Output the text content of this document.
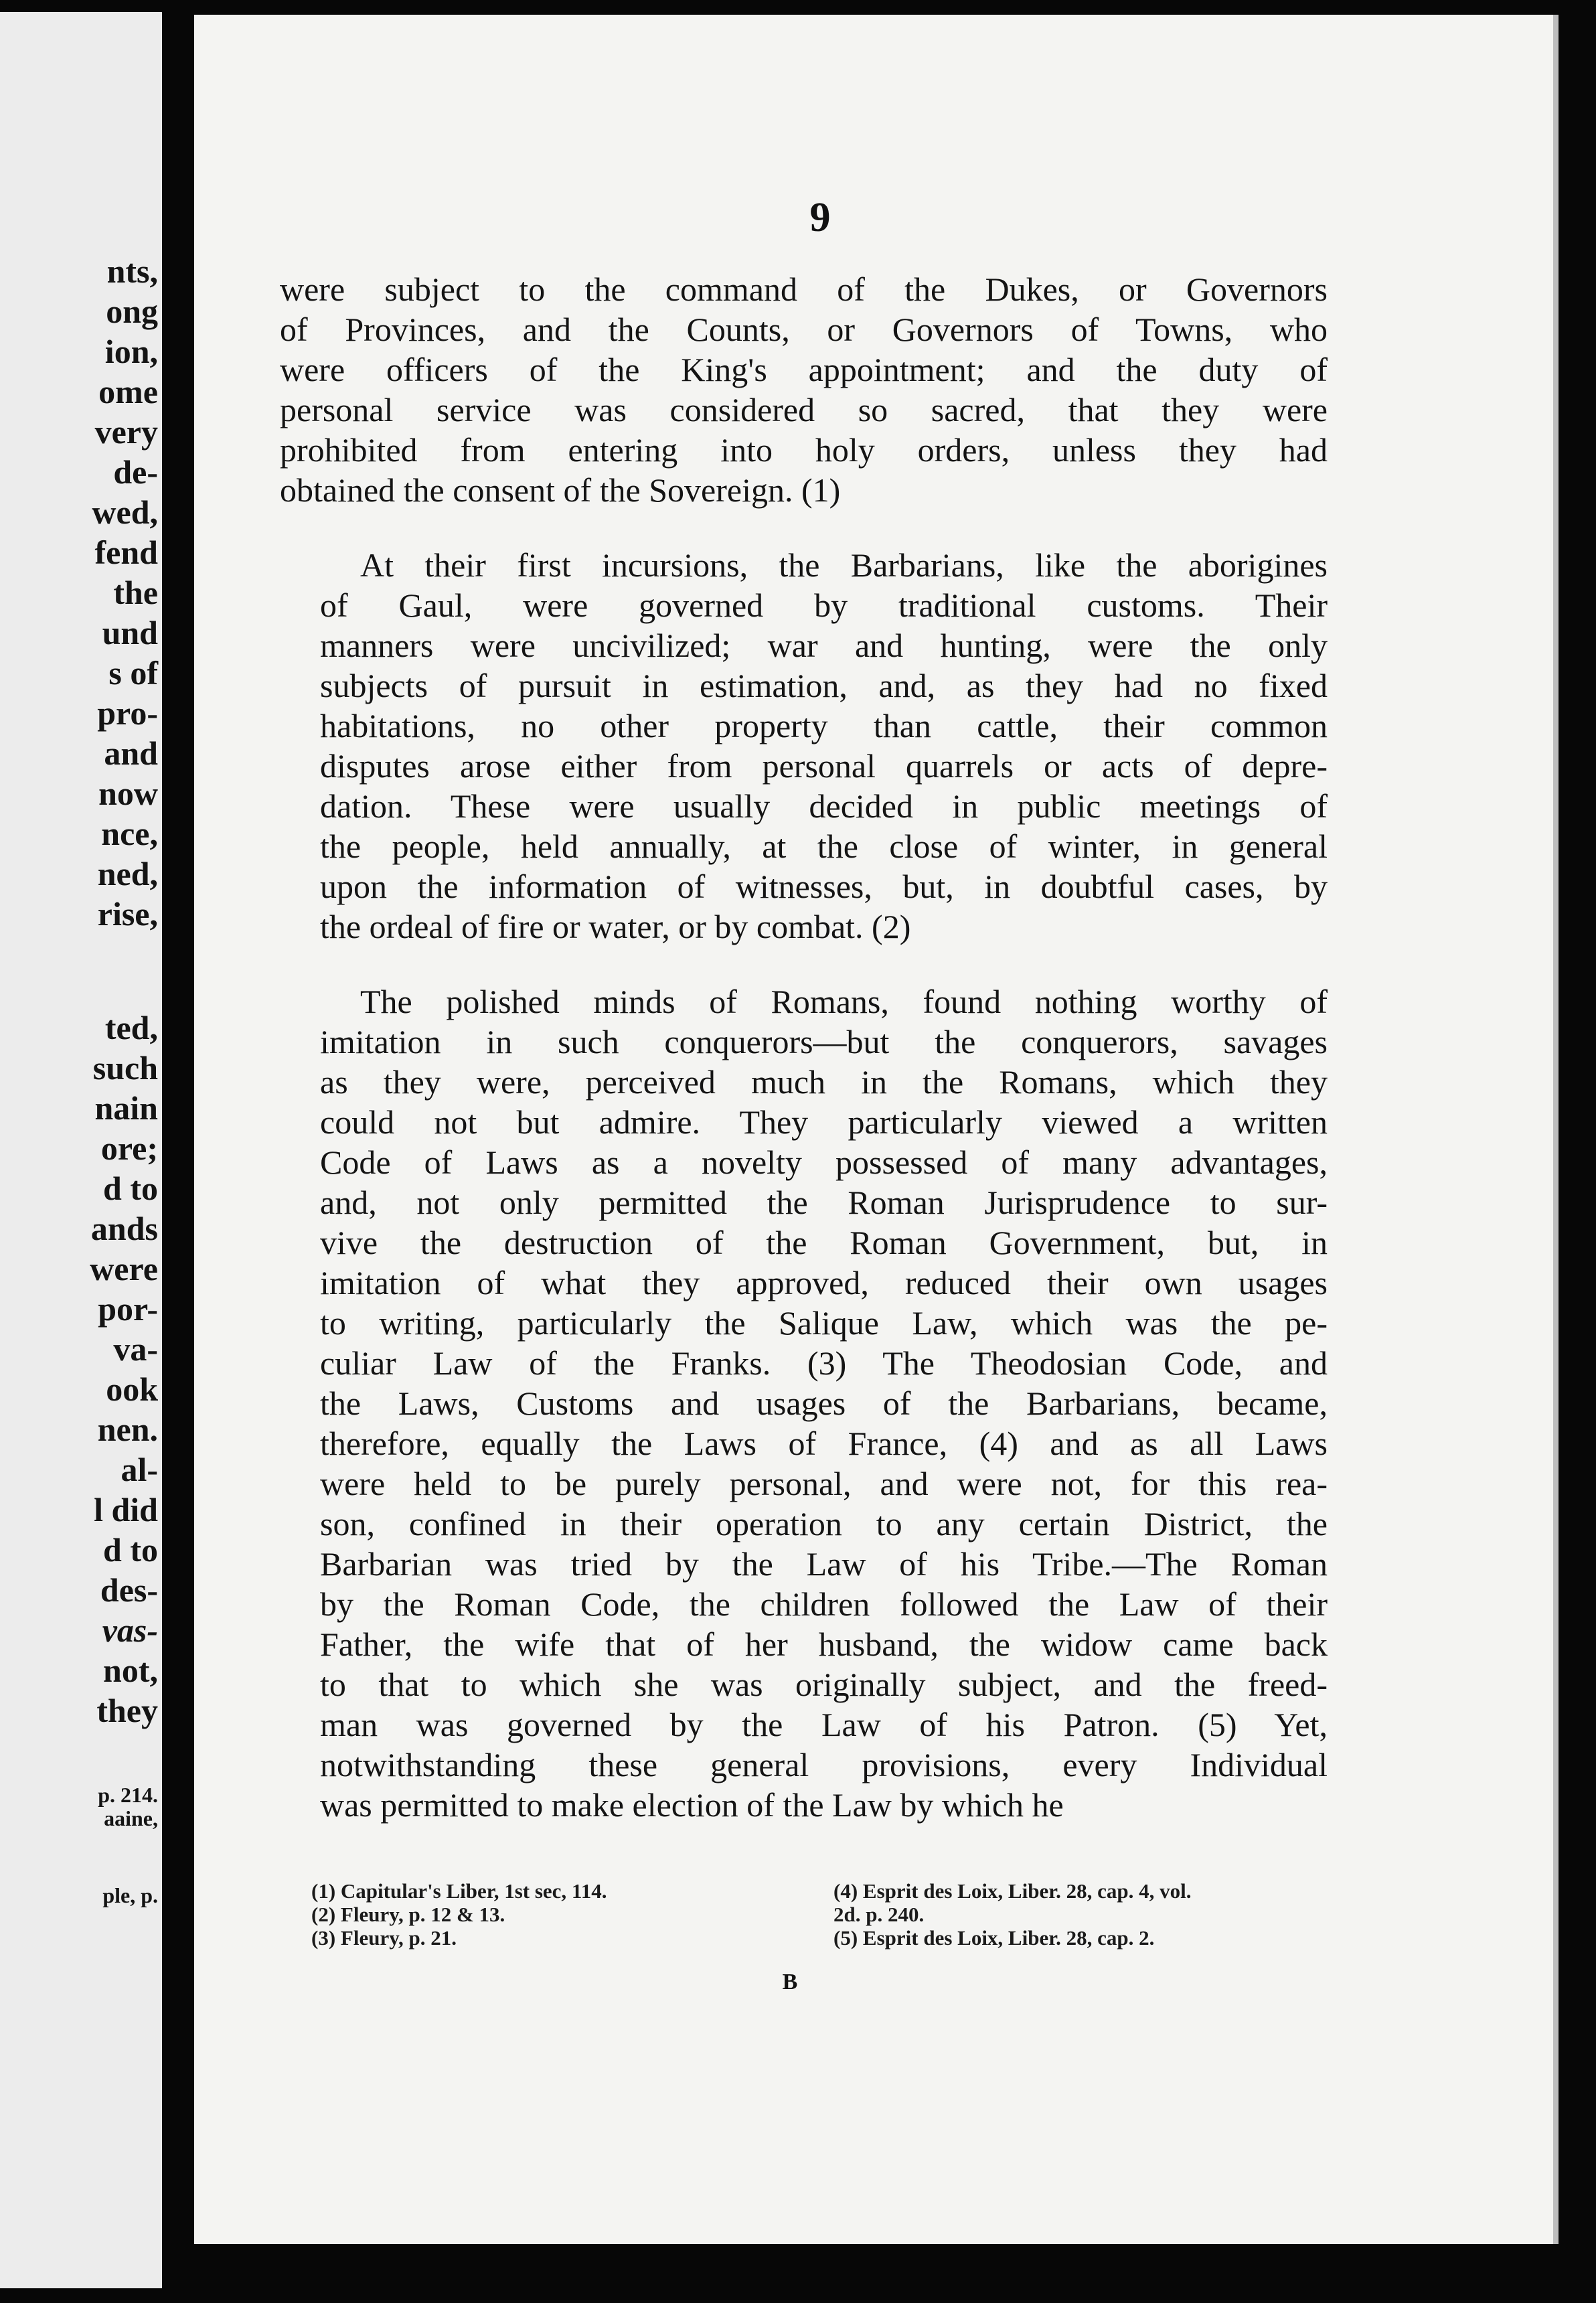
nts,
ong
ion,
ome
very
de-
wed,
fend
the
und
s of
pro-
and
now
nce,
ned,
rise,
ted,
such
nain
ore;
d to
ands
were
por-
va-
ook
nen.
al-
l did
d to
des-
vas-
not,
they
p. 214.
aaine,
ple, p.
9
were subject to the command of the Dukes, or Governors
of Provinces, and the Counts, or Governors of Towns, who
were officers of the King's appointment; and the duty of
personal service was considered so sacred, that they were
prohibited from entering into holy orders, unless they had
obtained the consent of the Sovereign. (1)
At their first incursions, the Barbarians, like the aborigines
of Gaul, were governed by traditional customs. Their
manners were uncivilized; war and hunting, were the only
subjects of pursuit in estimation, and, as they had no fixed
habitations, no other property than cattle, their common
disputes arose either from personal quarrels or acts of depre-
dation. These were usually decided in public meetings of
the people, held annually, at the close of winter, in general
upon the information of witnesses, but, in doubtful cases, by
the ordeal of fire or water, or by combat. (2)
The polished minds of Romans, found nothing worthy of
imitation in such conquerors—but the conquerors, savages
as they were, perceived much in the Romans, which they
could not but admire. They particularly viewed a written
Code of Laws as a novelty possessed of many advantages,
and, not only permitted the Roman Jurisprudence to sur-
vive the destruction of the Roman Government, but, in
imitation of what they approved, reduced their own usages
to writing, particularly the Salique Law, which was the pe-
culiar Law of the Franks. (3) The Theodosian Code, and
the Laws, Customs and usages of the Barbarians, became,
therefore, equally the Laws of France, (4) and as all Laws
were held to be purely personal, and were not, for this rea-
son, confined in their operation to any certain District, the
Barbarian was tried by the Law of his Tribe.—The Roman
by the Roman Code, the children followed the Law of their
Father, the wife that of her husband, the widow came back
to that to which she was originally subject, and the freed-
man was governed by the Law of his Patron. (5) Yet,
notwithstanding these general provisions, every Individual
was permitted to make election of the Law by which he
(1) Capitular's Liber, 1st sec, 114.
(2) Fleury, p. 12 & 13.
(3) Fleury, p. 21.
(4) Esprit des Loix, Liber. 28, cap. 4, vol.
2d. p. 240.
(5) Esprit des Loix, Liber. 28, cap. 2.
B
